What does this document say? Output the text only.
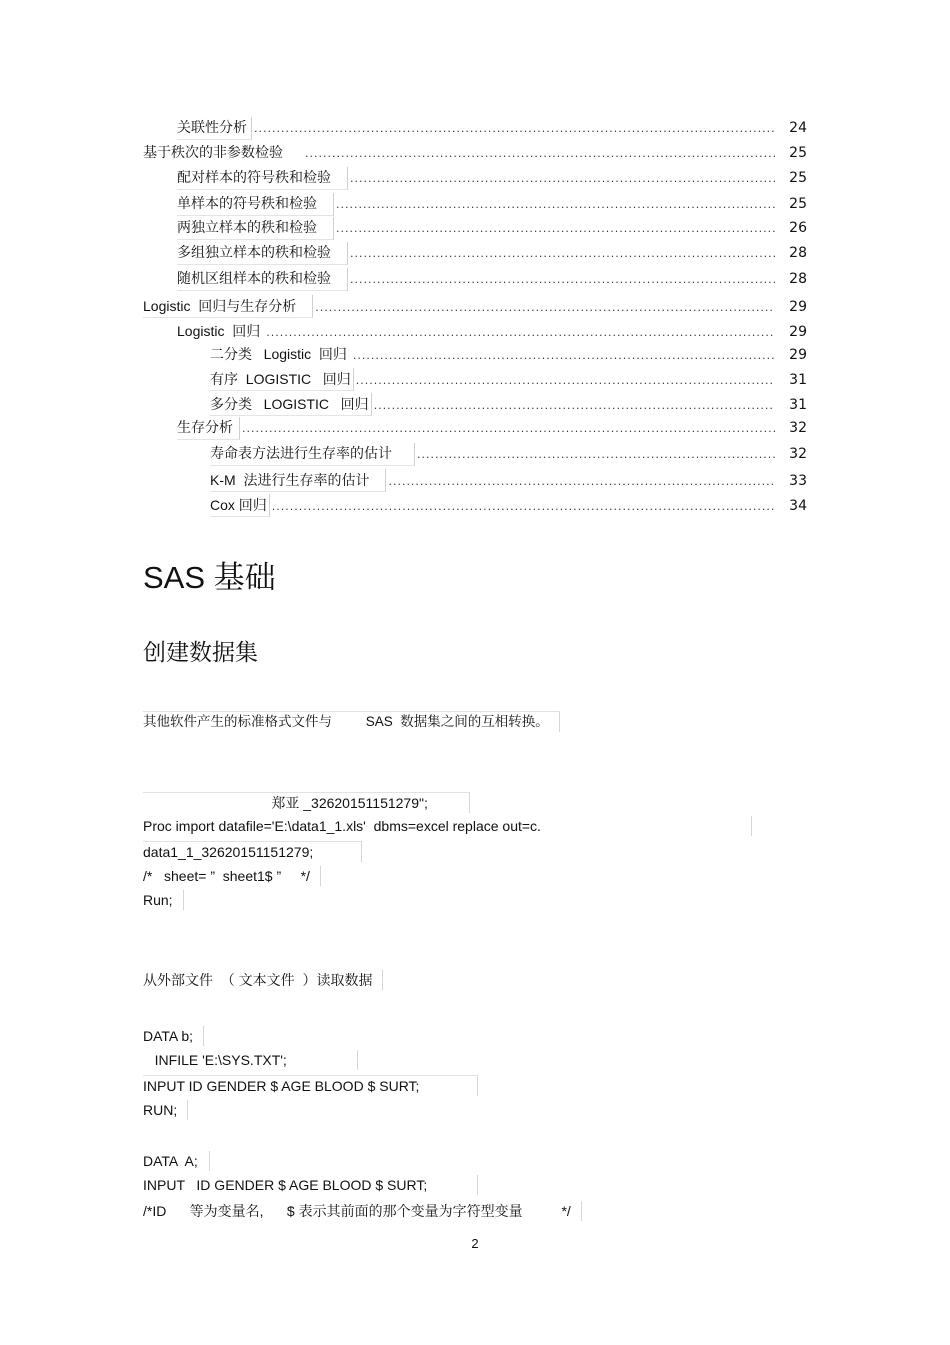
关联性分析 .....	24
基于秩次的非参数检验 .....	25
配对样本的符号秩和检验 .....	25
单样本的符号秩和检验 .....	25
两独立样本的秩和检验 .....	26
多组独立样本的秩和检验 .....	28
随机区组样本的秩和检验 .....	28
Logistic  回归与生存分析 .....	29
Logistic  回归 .....	29
二分类   Logistic  回归 .....	29
有序  LOGISTIC   回归 .....	31
多分类   LOGISTIC   回归 .....	31
生存分析 .....	32
寿命表方法进行生存率的估计 .....	32
K-M  法进行生存率的估计 .....	33
Cox 回归 .....	34
SAS 基础
创建数据集
其他软件产生的标准格式文件与         SAS  数据集之间的互相转换。
郑亚 _32620151151279";
Proc import datafile='E:\data1_1.xls'  dbms=excel replace out=c.
data1_1_32620151151279;
/*   sheet= ”  sheet1$ ”     */
Run;
从外部文件  （ 文本文件  ）读取数据
DATA b;
INFILE 'E:\SYS.TXT';
INPUT ID GENDER $ AGE BLOOD $ SURT;
RUN;
DATA  A;
INPUT   ID GENDER $ AGE BLOOD $ SURT;
/*ID      等为变量名,      $ 表示其前面的那个变量为字符型变量          */
2
